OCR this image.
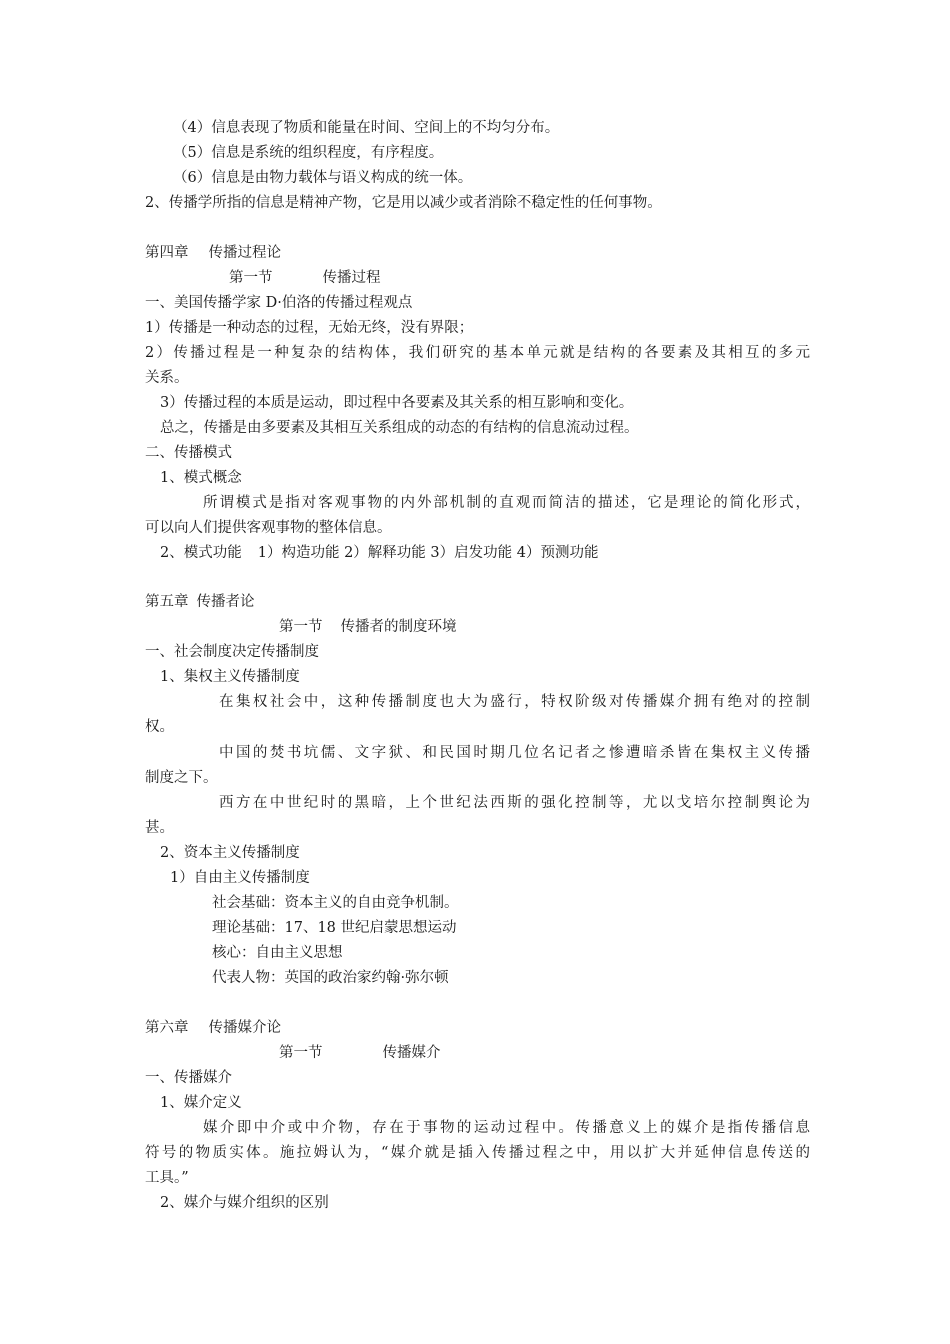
（4）信息表现了物质和能量在时间、空间上的不均匀分布。
（5）信息是系统的组织程度，有序程度。
（6）信息是由物力载体与语义构成的统一体。
2、传播学所指的信息是精神产物，它是用以减少或者消除不稳定性的任何事物。
第四章 传播过程论
第一节	传播过程
一、美国传播学家 D·伯洛的传播过程观点
1）传播是一种动态的过程，无始无终，没有界限；
2）传播过程是一种复杂的结构体，我们研究的基本单元就是结构的各要素及其相互的多元
关系。
3）传播过程的本质是运动，即过程中各要素及其关系的相互影响和变化。
总之，传播是由多要素及其相互关系组成的动态的有结构的信息流动过程。
二、传播模式
1、模式概念
所谓模式是指对客观事物的内外部机制的直观而简洁的描述，它是理论的简化形式，
可以向人们提供客观事物的整体信息。
2、模式功能 1）构造功能 2）解释功能 3）启发功能 4）预测功能
第五章 传播者论
第一节 传播者的制度环境
一、社会制度决定传播制度
1、集权主义传播制度
在集权社会中，这种传播制度也大为盛行，特权阶级对传播媒介拥有绝对的控制
权。
中国的焚书坑儒、文字狱、和民国时期几位名记者之惨遭暗杀皆在集权主义传播
制度之下。
西方在中世纪时的黑暗，上个世纪法西斯的强化控制等，尤以戈培尔控制舆论为
甚。
2、资本主义传播制度
1）自由主义传播制度
社会基础：资本主义的自由竞争机制。
理论基础：17、18 世纪启蒙思想运动
核心：自由主义思想
代表人物：英国的政治家约翰·弥尔顿
第六章 传播媒介论
第一节	传播媒介
一、传播媒介
1、媒介定义
媒介即中介或中介物，存在于事物的运动过程中。传播意义上的媒介是指传播信息
符号的物质实体。施拉姆认为，“媒介就是插入传播过程之中，用以扩大并延伸信息传送的
工具。”
2、媒介与媒介组织的区别
